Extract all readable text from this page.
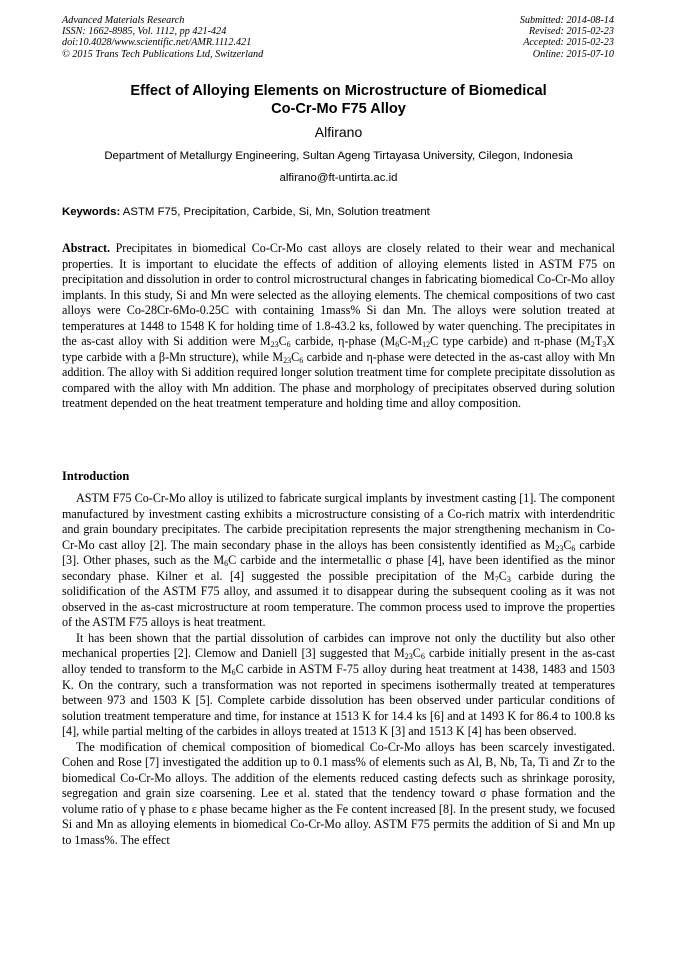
Advanced Materials Research
ISSN: 1662-8985, Vol. 1112, pp 421-424
doi:10.4028/www.scientific.net/AMR.1112.421
© 2015 Trans Tech Publications Ltd, Switzerland
Submitted: 2014-08-14
Revised: 2015-02-23
Accepted: 2015-02-23
Online: 2015-07-10
Effect of Alloying Elements on Microstructure of Biomedical
Co-Cr-Mo F75 Alloy
Alfirano
Department of Metallurgy Engineering, Sultan Ageng Tirtayasa University, Cilegon, Indonesia
alfirano@ft-untirta.ac.id
Keywords: ASTM F75, Precipitation, Carbide, Si, Mn, Solution treatment
Abstract. Precipitates in biomedical Co-Cr-Mo cast alloys are closely related to their wear and mechanical properties. It is important to elucidate the effects of addition of alloying elements listed in ASTM F75 on precipitation and dissolution in order to control microstructural changes in fabricating biomedical Co-Cr-Mo alloy implants. In this study, Si and Mn were selected as the alloying elements. The chemical compositions of two cast alloys were Co-28Cr-6Mo-0.25C with containing 1mass% Si dan Mn. The alloys were solution treated at temperatures at 1448 to 1548 K for holding time of 1.8-43.2 ks, followed by water quenching. The precipitates in the as-cast alloy with Si addition were $M_{23}C_6$ carbide, η-phase ($M_6C-M_{12}C$ type carbide) and π-phase ($M_2T_3X$ type carbide with a β-Mn structure), while $M_{23}C_6$ carbide and η-phase were detected in the as-cast alloy with Mn addition. The alloy with Si addition required longer solution treatment time for complete precipitate dissolution as compared with the alloy with Mn addition. The phase and morphology of precipitates observed during solution treatment depended on the heat treatment temperature and holding time and alloy composition.
Introduction

ASTM F75 Co-Cr-Mo alloy is utilized to fabricate surgical implants by investment casting [1]. The component manufactured by investment casting exhibits a microstructure consisting of a Co-rich matrix with interdendritic and grain boundary precipitates. The carbide precipitation represents the major strengthening mechanism in Co-Cr-Mo cast alloy [2]. The main secondary phase in the alloys has been consistently identified as $M_{23}C_6$ carbide [3]. Other phases, such as the $M_6C$ carbide and the intermetallic σ phase [4], have been identified as the minor secondary phase. Kilner et al. [4] suggested the possible precipitation of the $M_7C_3$ carbide during the solidification of the ASTM F75 alloy, and assumed it to disappear during the subsequent cooling as it was not observed in the as-cast microstructure at room temperature. The common process used to improve the properties of the ASTM F75 alloys is heat treatment.

It has been shown that the partial dissolution of carbides can improve not only the ductility but also other mechanical properties [2]. Clemow and Daniell [3] suggested that $M_{23}C_6$ carbide initially present in the as-cast alloy tended to transform to the $M_6C$ carbide in ASTM F-75 alloy during heat treatment at 1438, 1483 and 1503 K. On the contrary, such a transformation was not reported in specimens isothermally treated at temperatures between 973 and 1503 K [5]. Complete carbide dissolution has been observed under particular conditions of solution treatment temperature and time, for instance at 1513 K for 14.4 ks [6] and at 1493 K for 86.4 to 100.8 ks [4], while partial melting of the carbides in alloys treated at 1513 K [3] and 1513 K [4] has been observed.

The modification of chemical composition of biomedical Co-Cr-Mo alloys has been scarcely investigated. Cohen and Rose [7] investigated the addition up to 0.1 mass% of elements such as Al, B, Nb, Ta, Ti and Zr to the biomedical Co-Cr-Mo alloys. The addition of the elements reduced casting defects such as shrinkage porosity, segregation and grain size coarsening. Lee et al. stated that the tendency toward σ phase formation and the volume ratio of γ phase to ε phase became higher as the Fe content increased [8]. In the present study, we focused Si and Mn as alloying elements in biomedical Co-Cr-Mo alloy. ASTM F75 permits the addition of Si and Mn up to 1mass%. The effect
